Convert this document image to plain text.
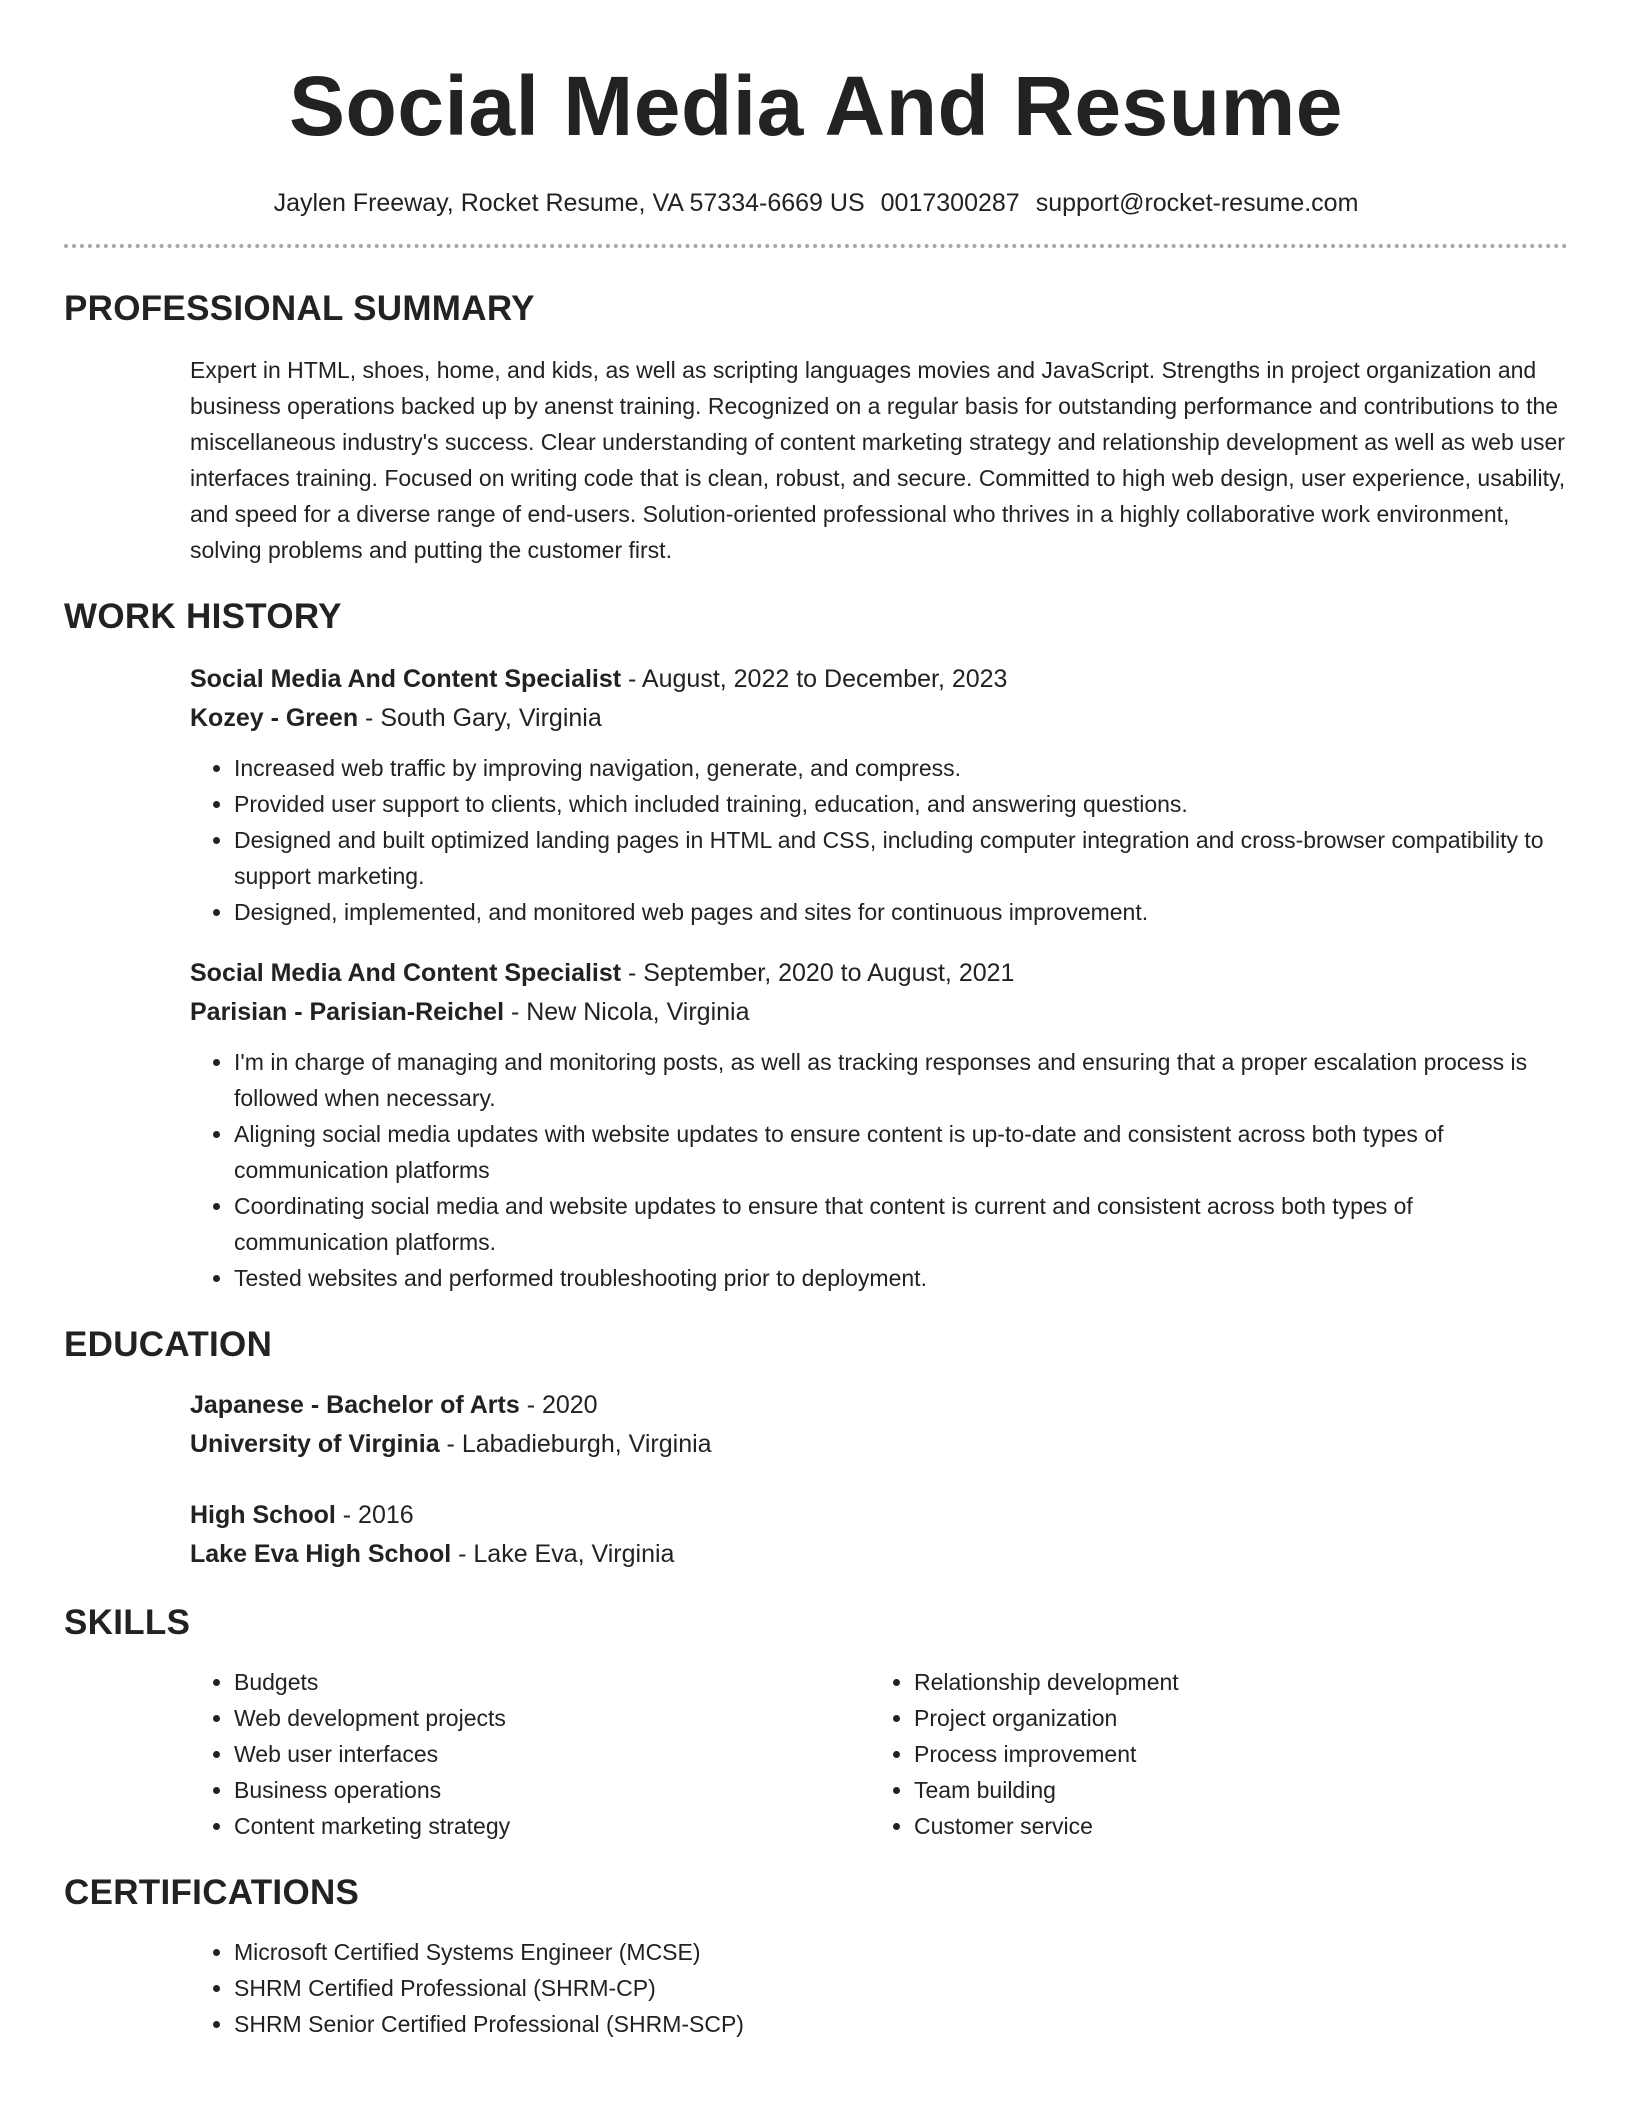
Social Media And Resume
Jaylen Freeway, Rocket Resume, VA 57334-6669 US 0017300287 support@rocket-resume.com
PROFESSIONAL SUMMARY

Expert in HTML, shoes, home, and kids, as well as scripting languages movies and JavaScript. Strengths in project organization and business operations backed up by anenst training. Recognized on a regular basis for outstanding performance and contributions to the miscellaneous industry's success. Clear understanding of content marketing strategy and relationship development as well as web user interfaces training. Focused on writing code that is clean, robust, and secure. Committed to high web design, user experience, usability, and speed for a diverse range of end-users. Solution-oriented professional who thrives in a highly collaborative work environment, solving problems and putting the customer first.

WORK HISTORY
Social Media And Content Specialist - August, 2022 to December, 2023
Kozey - Green - South Gary, Virginia
• Increased web traffic by improving navigation, generate, and compress.
• Provided user support to clients, which included training, education, and answering questions.
• Designed and built optimized landing pages in HTML and CSS, including computer integration and cross-browser compatibility to support marketing.
• Designed, implemented, and monitored web pages and sites for continuous improvement.
Social Media And Content Specialist - September, 2020 to August, 2021
Parisian - Parisian-Reichel - New Nicola, Virginia
• I'm in charge of managing and monitoring posts, as well as tracking responses and ensuring that a proper escalation process is followed when necessary.
• Aligning social media updates with website updates to ensure content is up-to-date and consistent across both types of communication platforms
• Coordinating social media and website updates to ensure that content is current and consistent across both types of communication platforms.
• Tested websites and performed troubleshooting prior to deployment.
EDUCATION
Japanese - Bachelor of Arts - 2020
University of Virginia - Labadieburgh, Virginia
High School - 2016
Lake Eva High School - Lake Eva, Virginia
SKILLS
• Budgets
• Web development projects
• Web user interfaces
• Business operations
• Content marketing strategy
• Relationship development
• Project organization
• Process improvement
• Team building
• Customer service
CERTIFICATIONS
• Microsoft Certified Systems Engineer (MCSE)
• SHRM Certified Professional (SHRM-CP)
• SHRM Senior Certified Professional (SHRM-SCP)
